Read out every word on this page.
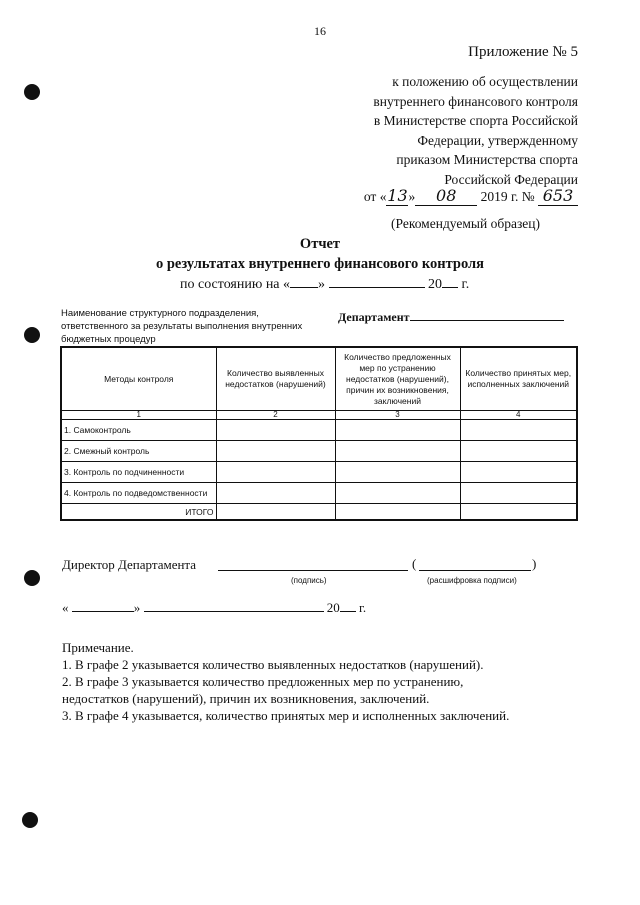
16
Приложение № 5
к положению об осуществлении
внутреннего финансового контроля
в Министерстве спорта Российской
Федерации, утвержденному
приказом Министерства спорта
Российской Федерации
от «13» 08 2019 г. № 653
(Рекомендуемый образец)
Отчет
о результатах внутреннего финансового контроля
по состоянию на « »	20 г.
Наименование структурного подразделения, ответственного за результаты выполнения внутренних бюджетных процедур
Департамент
Методы контроля	Количество выявленных недостатков (нарушений)	Количество предложенных мер по устранению недостатков (нарушений), причин их возникновения, заключений	Количество принятых мер, исполненных заключений
1	2	3	4
1. Самоконтроль			
2. Смежный контроль			
3. Контроль по подчиненности			
4. Контроль по подведомственности			
ИТОГО			
Директор Департамента	(	)
(подпись)	(расшифровка подписи)
«	»	20 г.
Примечание.
1. В графе 2 указывается количество выявленных недостатков (нарушений).
2. В графе 3 указывается количество предложенных мер по устранению, недостатков (нарушений), причин их возникновения, заключений.
3. В графе 4 указывается, количество принятых мер и исполненных заключений.
